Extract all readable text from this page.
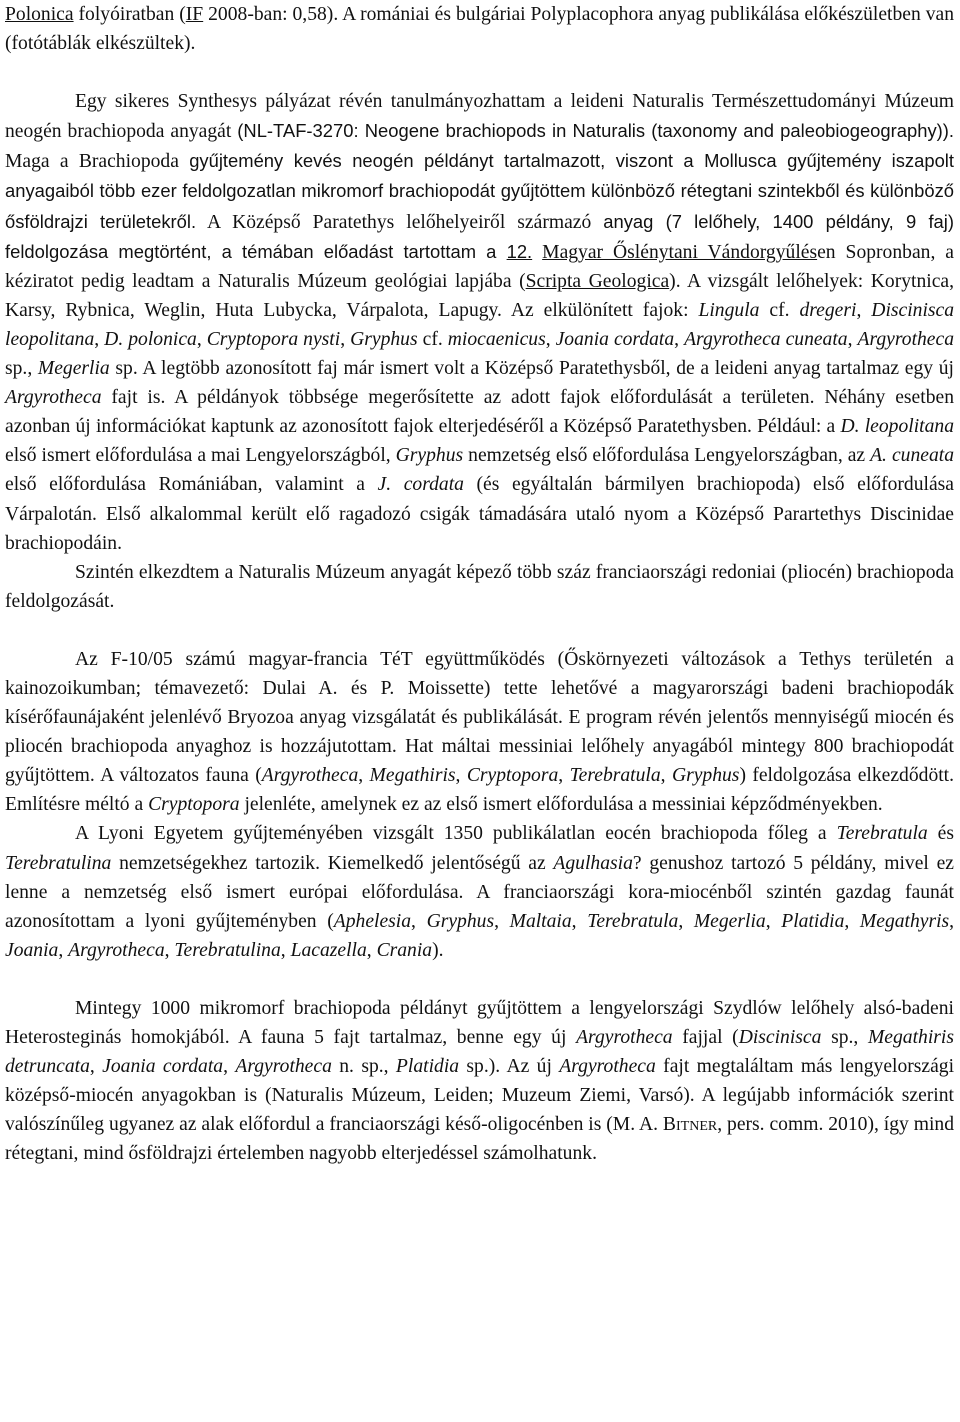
Polonica folyóiratban (IF 2008-ban: 0,58). A romániai és bulgáriai Polyplacophora anyag publikálása előkészületben van (fotótáblák elkészültek).

Egy sikeres Synthesys pályázat révén tanulmányozhattam a leideni Naturalis Természettudományi Múzeum neogén brachiopoda anyagát (NL-TAF-3270: Neogene brachiopods in Naturalis (taxonomy and paleobiogeography)). Maga a Brachiopoda gyűjtemény kevés neogén példányt tartalmazott, viszont a Mollusca gyűjtemény iszapolt anyagaiból több ezer feldolgozatlan mikromorf brachiopodát gyűjtöttem különböző rétegtani szintekből és különböző ősföldrajzi területekről. A Középső Paratethys lelőhelyeiről származó anyag (7 lelőhely, 1400 példány, 9 faj) feldolgozása megtörtént, a témában előadást tartottam a 12. Magyar Őslénytani Vándorgyűlésen Sopronban, a kéziratot pedig leadtam a Naturalis Múzeum geológiai lapjába (Scripta Geologica). A vizsgált lelőhelyek: Korytnica, Karsy, Rybnica, Weglin, Huta Lubycka, Várpalota, Lapugy. Az elkülönített fajok: Lingula cf. dregeri, Discinisca leopolitana, D. polonica, Cryptopora nysti, Gryphus cf. miocaenicus, Joania cordata, Argyrotheca cuneata, Argyrotheca sp., Megerlia sp. A legtöbb azonosított faj már ismert volt a Középső Paratethysből, de a leideni anyag tartalmaz egy új Argyrotheca fajt is. A példányok többsége megerősítette az adott fajok előfordulását a területen. Néhány esetben azonban új információkat kaptunk az azonosított fajok elterjedéséről a Középső Paratethysben. Például: a D. leopolitana első ismert előfordulása a mai Lengyelországból, Gryphus nemzetség első előfordulása Lengyelországban, az A. cuneata első előfordulása Romániában, valamint a J. cordata (és egyáltalán bármilyen brachiopoda) első előfordulása Várpalotán. Első alkalommal került elő ragadozó csigák támadására utaló nyom a Középső Parartethys Discinidae brachiopodáin.

Szintén elkezdtem a Naturalis Múzeum anyagát képező több száz franciaországi redoniai (pliocén) brachiopoda feldolgozását.

Az F-10/05 számú magyar-francia TéT együttműködés (Őskörnyezeti változások a Tethys területén a kainozoikumban; témavezető: Dulai A. és P. Moissette) tette lehetővé a magyarországi badeni brachiopodák kísérőfaunájaként jelenlévő Bryozoa anyag vizsgálatát és publikálását. E program révén jelentős mennyiségű miocén és pliocén brachiopoda anyaghoz is hozzájutottam. Hat máltai messiniai lelőhely anyagából mintegy 800 brachiopodát gyűjtöttem. A változatos fauna (Argyrotheca, Megathiris, Cryptopora, Terebratula, Gryphus) feldolgozása elkezdődött. Említésre méltó a Cryptopora jelenléte, amelynek ez az első ismert előfordulása a messiniai képződményekben.

A Lyoni Egyetem gyűjteményében vizsgált 1350 publikálatlan eocén brachiopoda főleg a Terebratula és Terebratulina nemzetségekhez tartozik. Kiemelkedő jelentőségű az Agulhasia? genushoz tartozó 5 példány, mivel ez lenne a nemzetség első ismert európai előfordulása. A franciaországi kora-miocénből szintén gazdag faunát azonosítottam a lyoni gyűjteményben (Aphelesia, Gryphus, Maltaia, Terebratula, Megerlia, Platidia, Megathyris, Joania, Argyrotheca, Terebratulina, Lacazella, Crania).

Mintegy 1000 mikromorf brachiopoda példányt gyűjtöttem a lengyelországi Szydlów lelőhely alsó-badeni Heterosteginás homokjából. A fauna 5 fajt tartalmaz, benne egy új Argyrotheca fajjal (Discinisca sp., Megathiris detruncata, Joania cordata, Argyrotheca n. sp., Platidia sp.). Az új Argyrotheca fajt megtaláltam más lengyelországi középső-miocén anyagokban is (Naturalis Múzeum, Leiden; Muzeum Ziemi, Varsó). A legújabb információk szerint valószínűleg ugyanez az alak előfordul a franciaországi késő-oligocénben is (M. A. Bitner, pers. comm. 2010), így mind rétegtani, mind ősföldrajzi értelemben nagyobb elterjedéssel számolhatunk.
